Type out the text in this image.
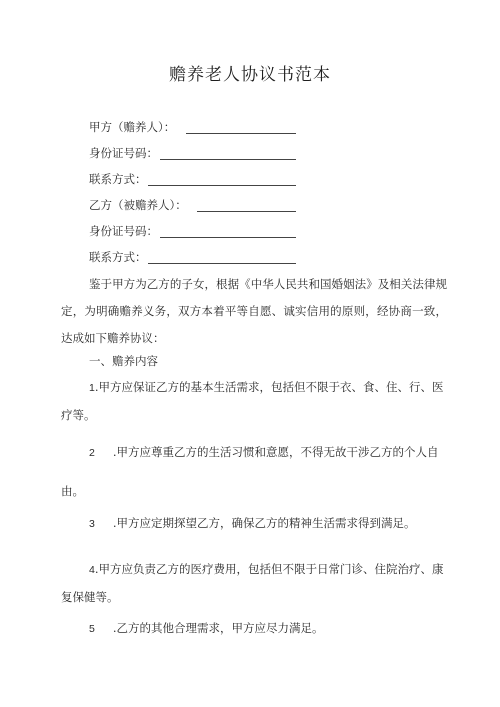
赡养老人协议书范本
甲方（赡养人）：
身份证号码：
联系方式：
乙方（被赡养人）：
身份证号码：
联系方式：
鉴于甲方为乙方的子女，根据《中华人民共和国婚姻法》及相关法律规定，为明确赡养义务，双方本着平等自愿、诚实信用的原则，经协商一致，达成如下赡养协议：
一、赡养内容
1.甲方应保证乙方的基本生活需求，包括但不限于衣、食、住、行、医疗等。
2 .甲方应尊重乙方的生活习惯和意愿，不得无故干涉乙方的个人自由。
3 .甲方应定期探望乙方，确保乙方的精神生活需求得到满足。
4.甲方应负责乙方的医疗费用，包括但不限于日常门诊、住院治疗、康复保健等。
5 .乙方的其他合理需求，甲方应尽力满足。
